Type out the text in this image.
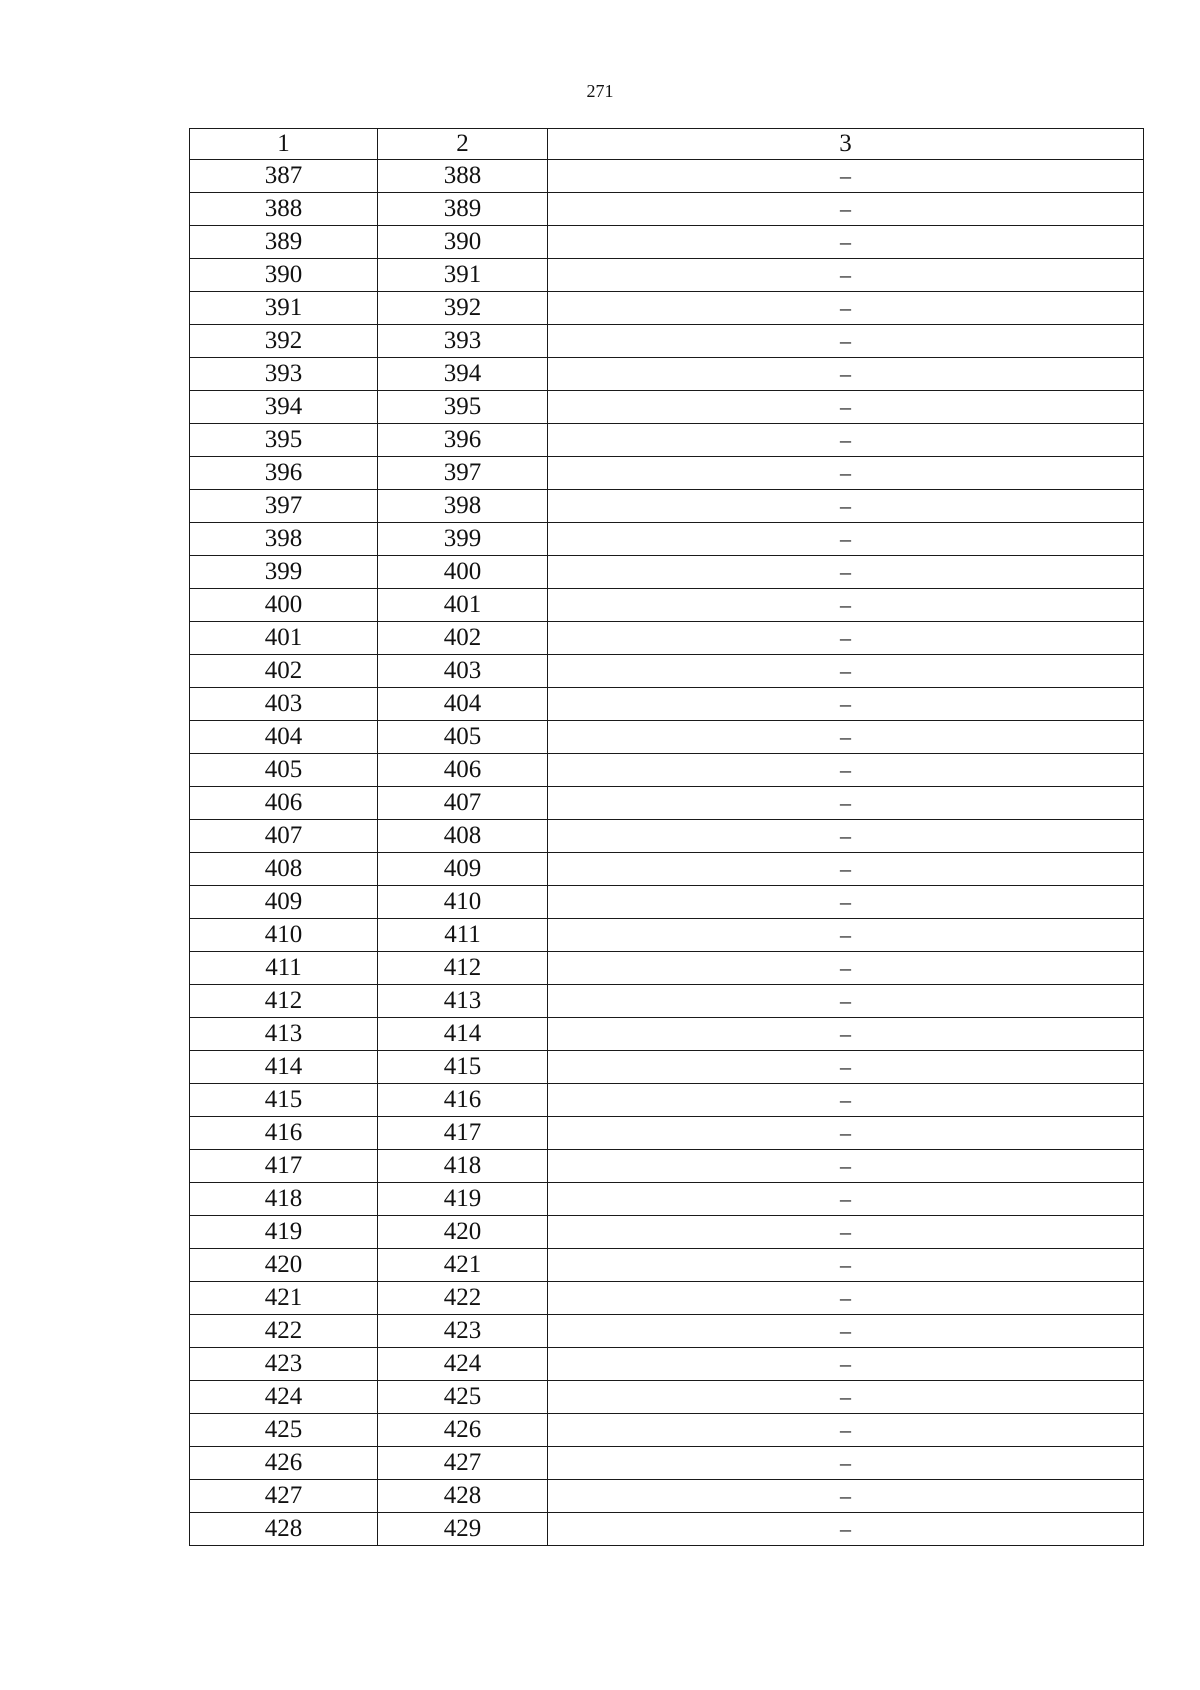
271
1	2	3
387	388	–
388	389	–
389	390	–
390	391	–
391	392	–
392	393	–
393	394	–
394	395	–
395	396	–
396	397	–
397	398	–
398	399	–
399	400	–
400	401	–
401	402	–
402	403	–
403	404	–
404	405	–
405	406	–
406	407	–
407	408	–
408	409	–
409	410	–
410	411	–
411	412	–
412	413	–
413	414	–
414	415	–
415	416	–
416	417	–
417	418	–
418	419	–
419	420	–
420	421	–
421	422	–
422	423	–
423	424	–
424	425	–
425	426	–
426	427	–
427	428	–
428	429	–
